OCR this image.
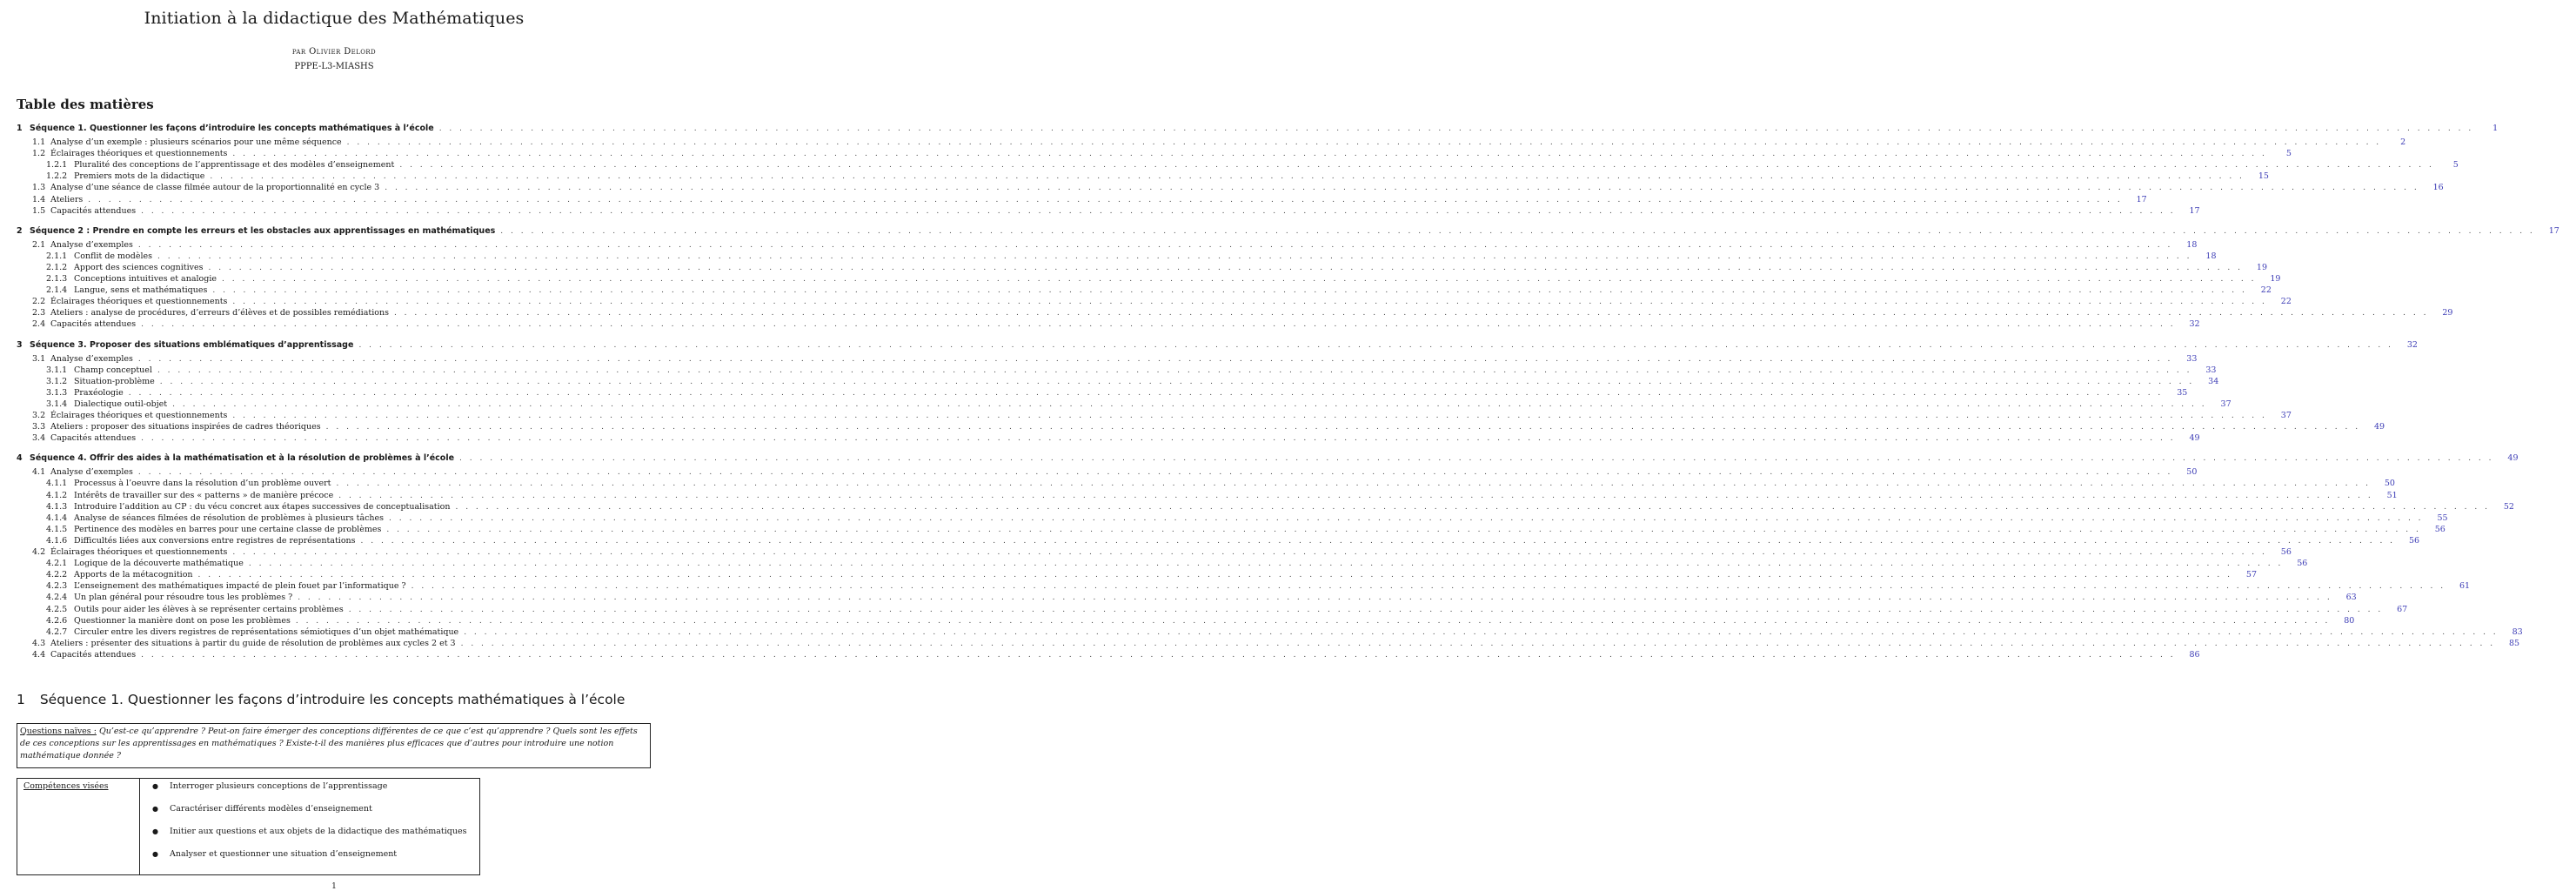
Initiation à la didactique des Mathématiques
par Olivier Delord
PPPE-L3-MIASHS
Table des matières
1 Séquence 1. Questionner les façons d’introduire les concepts mathématiques à l’école . . . . . . . . . . . . . . . . . . . . . . . . . . . . . . . . . . . . . . . . . . . . . . . . . . . . . . . . . . . . . . . . . . . . . . . . . . . . . . . . . . . . . . . . . . . . . . . . . . . . . . . . . . . . . . . . . . . . . . . . . . . . . . . . . . . . . . . . . . . . . . . . . . . . . . . . . . . . . . . . . . . . . . . . . . . . . . . . . . . . . . . . . . . . . . . . . . . . . . . .	1
1.1 Analyse d’un exemple : plusieurs scénarios pour une même séquence . . . . . . . . . . . . . . . . . . . . . . . . . . . . . . . . . . . . . . . . . . . . . . . . . . . . . . . . . . . . . . . . . . . . . . . . . . . . . . . . . . . . . . . . . . . . . . . . . . . . . . . . . . . . . . . . . . . . . . . . . . . . . . . . . . . . . . . . . . . . . . . . . . . . . . . . . . . . . . . . . . . . . . . . . . . . . . . . . . . . . . . . . . . . . . . . . . . . . . . .	2
1.2 Éclairages théoriques et questionnements . . . . . . . . . . . . . . . . . . . . . . . . . . . . . . . . . . . . . . . . . . . . . . . . . . . . . . . . . . . . . . . . . . . . . . . . . . . . . . . . . . . . . . . . . . . . . . . . . . . . . . . . . . . . . . . . . . . . . . . . . . . . . . . . . . . . . . . . . . . . . . . . . . . . . . . . . . . . . . . . . . . . . . . . . . . . . . . . . . . . . . . . . . . . . . . . . . . . . . . .	5
1.2.1 Pluralité des conceptions de l’apprentissage et des modèles d’enseignement . . . . . . . . . . . . . . . . . . . . . . . . . . . . . . . . . . . . . . . . . . . . . . . . . . . . . . . . . . . . . . . . . . . . . . . . . . . . . . . . . . . . . . . . . . . . . . . . . . . . . . . . . . . . . . . . . . . . . . . . . . . . . . . . . . . . . . . . . . . . . . . . . . . . . . . . . . . . . . . . . . . . . . . . . . . . . . . . . . . . . . . . . . . . . . . . . . . . . . . .	5
1.2.2 Premiers mots de la didactique . . . . . . . . . . . . . . . . . . . . . . . . . . . . . . . . . . . . . . . . . . . . . . . . . . . . . . . . . . . . . . . . . . . . . . . . . . . . . . . . . . . . . . . . . . . . . . . . . . . . . . . . . . . . . . . . . . . . . . . . . . . . . . . . . . . . . . . . . . . . . . . . . . . . . . . . . . . . . . . . . . . . . . . . . . . . . . . . . . . . . . . . . . . . . . . . . . . . . . . .	15
1.3 Analyse d’une séance de classe filmée autour de la proportionnalité en cycle 3 . . . . . . . . . . . . . . . . . . . . . . . . . . . . . . . . . . . . . . . . . . . . . . . . . . . . . . . . . . . . . . . . . . . . . . . . . . . . . . . . . . . . . . . . . . . . . . . . . . . . . . . . . . . . . . . . . . . . . . . . . . . . . . . . . . . . . . . . . . . . . . . . . . . . . . . . . . . . . . . . . . . . . . . . . . . . . . . . . . . . . . . . . . . . . . . . . . . . . . . .	16
1.4 Ateliers . . . . . . . . . . . . . . . . . . . . . . . . . . . . . . . . . . . . . . . . . . . . . . . . . . . . . . . . . . . . . . . . . . . . . . . . . . . . . . . . . . . . . . . . . . . . . . . . . . . . . . . . . . . . . . . . . . . . . . . . . . . . . . . . . . . . . . . . . . . . . . . . . . . . . . . . . . . . . . . . . . . . . . . . . . . . . . . . . . . . . . . . . . . . . . . . . . . . . . . .	17
1.5 Capacités attendues . . . . . . . . . . . . . . . . . . . . . . . . . . . . . . . . . . . . . . . . . . . . . . . . . . . . . . . . . . . . . . . . . . . . . . . . . . . . . . . . . . . . . . . . . . . . . . . . . . . . . . . . . . . . . . . . . . . . . . . . . . . . . . . . . . . . . . . . . . . . . . . . . . . . . . . . . . . . . . . . . . . . . . . . . . . . . . . . . . . . . . . . . . . . . . . . . . . . . . . .	17
2 Séquence 2 : Prendre en compte les erreurs et les obstacles aux apprentissages en mathématiques . . . . . . . . . . . . . . . . . . . . . . . . . . . . . . . . . . . . . . . . . . . . . . . . . . . . . . . . . . . . . . . . . . . . . . . . . . . . . . . . . . . . . . . . . . . . . . . . . . . . . . . . . . . . . . . . . . . . . . . . . . . . . . . . . . . . . . . . . . . . . . . . . . . . . . . . . . . . . . . . . . . . . . . . . . . . . . . . . . . . . . . . . . . . . . . . . . . . . . . .	17
2.1 Analyse d’exemples . . . . . . . . . . . . . . . . . . . . . . . . . . . . . . . . . . . . . . . . . . . . . . . . . . . . . . . . . . . . . . . . . . . . . . . . . . . . . . . . . . . . . . . . . . . . . . . . . . . . . . . . . . . . . . . . . . . . . . . . . . . . . . . . . . . . . . . . . . . . . . . . . . . . . . . . . . . . . . . . . . . . . . . . . . . . . . . . . . . . . . . . . . . . . . . . . . . . . . . .	18
2.1.1 Conflit de modèles . . . . . . . . . . . . . . . . . . . . . . . . . . . . . . . . . . . . . . . . . . . . . . . . . . . . . . . . . . . . . . . . . . . . . . . . . . . . . . . . . . . . . . . . . . . . . . . . . . . . . . . . . . . . . . . . . . . . . . . . . . . . . . . . . . . . . . . . . . . . . . . . . . . . . . . . . . . . . . . . . . . . . . . . . . . . . . . . . . . . . . . . . . . . . . . . . . . . . . . .	18
2.1.2 Apport des sciences cognitives . . . . . . . . . . . . . . . . . . . . . . . . . . . . . . . . . . . . . . . . . . . . . . . . . . . . . . . . . . . . . . . . . . . . . . . . . . . . . . . . . . . . . . . . . . . . . . . . . . . . . . . . . . . . . . . . . . . . . . . . . . . . . . . . . . . . . . . . . . . . . . . . . . . . . . . . . . . . . . . . . . . . . . . . . . . . . . . . . . . . . . . . . . . . . . . . . . . . . . . .	19
2.1.3 Conceptions intuitives et analogie . . . . . . . . . . . . . . . . . . . . . . . . . . . . . . . . . . . . . . . . . . . . . . . . . . . . . . . . . . . . . . . . . . . . . . . . . . . . . . . . . . . . . . . . . . . . . . . . . . . . . . . . . . . . . . . . . . . . . . . . . . . . . . . . . . . . . . . . . . . . . . . . . . . . . . . . . . . . . . . . . . . . . . . . . . . . . . . . . . . . . . . . . . . . . . . . . . . . . . . .	19
2.1.4 Langue, sens et mathématiques . . . . . . . . . . . . . . . . . . . . . . . . . . . . . . . . . . . . . . . . . . . . . . . . . . . . . . . . . . . . . . . . . . . . . . . . . . . . . . . . . . . . . . . . . . . . . . . . . . . . . . . . . . . . . . . . . . . . . . . . . . . . . . . . . . . . . . . . . . . . . . . . . . . . . . . . . . . . . . . . . . . . . . . . . . . . . . . . . . . . . . . . . . . . . . . . . . . . . . . .	22
2.2 Éclairages théoriques et questionnements . . . . . . . . . . . . . . . . . . . . . . . . . . . . . . . . . . . . . . . . . . . . . . . . . . . . . . . . . . . . . . . . . . . . . . . . . . . . . . . . . . . . . . . . . . . . . . . . . . . . . . . . . . . . . . . . . . . . . . . . . . . . . . . . . . . . . . . . . . . . . . . . . . . . . . . . . . . . . . . . . . . . . . . . . . . . . . . . . . . . . . . . . . . . . . . . . . . . . . . .	22
2.3 Ateliers : analyse de procédures, d’erreurs d’élèves et de possibles remédiations . . . . . . . . . . . . . . . . . . . . . . . . . . . . . . . . . . . . . . . . . . . . . . . . . . . . . . . . . . . . . . . . . . . . . . . . . . . . . . . . . . . . . . . . . . . . . . . . . . . . . . . . . . . . . . . . . . . . . . . . . . . . . . . . . . . . . . . . . . . . . . . . . . . . . . . . . . . . . . . . . . . . . . . . . . . . . . . . . . . . . . . . . . . . . . . . . . . . . . . .	29
2.4 Capacités attendues . . . . . . . . . . . . . . . . . . . . . . . . . . . . . . . . . . . . . . . . . . . . . . . . . . . . . . . . . . . . . . . . . . . . . . . . . . . . . . . . . . . . . . . . . . . . . . . . . . . . . . . . . . . . . . . . . . . . . . . . . . . . . . . . . . . . . . . . . . . . . . . . . . . . . . . . . . . . . . . . . . . . . . . . . . . . . . . . . . . . . . . . . . . . . . . . . . . . . . . .	32
3 Séquence 3. Proposer des situations emblématiques d’apprentissage . . . . . . . . . . . . . . . . . . . . . . . . . . . . . . . . . . . . . . . . . . . . . . . . . . . . . . . . . . . . . . . . . . . . . . . . . . . . . . . . . . . . . . . . . . . . . . . . . . . . . . . . . . . . . . . . . . . . . . . . . . . . . . . . . . . . . . . . . . . . . . . . . . . . . . . . . . . . . . . . . . . . . . . . . . . . . . . . . . . . . . . . . . . . . . . . . . . . . . . .	32
3.1 Analyse d’exemples . . . . . . . . . . . . . . . . . . . . . . . . . . . . . . . . . . . . . . . . . . . . . . . . . . . . . . . . . . . . . . . . . . . . . . . . . . . . . . . . . . . . . . . . . . . . . . . . . . . . . . . . . . . . . . . . . . . . . . . . . . . . . . . . . . . . . . . . . . . . . . . . . . . . . . . . . . . . . . . . . . . . . . . . . . . . . . . . . . . . . . . . . . . . . . . . . . . . . . . .	33
3.1.1 Champ conceptuel . . . . . . . . . . . . . . . . . . . . . . . . . . . . . . . . . . . . . . . . . . . . . . . . . . . . . . . . . . . . . . . . . . . . . . . . . . . . . . . . . . . . . . . . . . . . . . . . . . . . . . . . . . . . . . . . . . . . . . . . . . . . . . . . . . . . . . . . . . . . . . . . . . . . . . . . . . . . . . . . . . . . . . . . . . . . . . . . . . . . . . . . . . . . . . . . . . . . . . . .	33
3.1.2 Situation-problème . . . . . . . . . . . . . . . . . . . . . . . . . . . . . . . . . . . . . . . . . . . . . . . . . . . . . . . . . . . . . . . . . . . . . . . . . . . . . . . . . . . . . . . . . . . . . . . . . . . . . . . . . . . . . . . . . . . . . . . . . . . . . . . . . . . . . . . . . . . . . . . . . . . . . . . . . . . . . . . . . . . . . . . . . . . . . . . . . . . . . . . . . . . . . . . . . . . . . . . .	34
3.1.3 Praxéologie . . . . . . . . . . . . . . . . . . . . . . . . . . . . . . . . . . . . . . . . . . . . . . . . . . . . . . . . . . . . . . . . . . . . . . . . . . . . . . . . . . . . . . . . . . . . . . . . . . . . . . . . . . . . . . . . . . . . . . . . . . . . . . . . . . . . . . . . . . . . . . . . . . . . . . . . . . . . . . . . . . . . . . . . . . . . . . . . . . . . . . . . . . . . . . . . . . . . . . . .	35
3.1.4 Dialectique outil-objet . . . . . . . . . . . . . . . . . . . . . . . . . . . . . . . . . . . . . . . . . . . . . . . . . . . . . . . . . . . . . . . . . . . . . . . . . . . . . . . . . . . . . . . . . . . . . . . . . . . . . . . . . . . . . . . . . . . . . . . . . . . . . . . . . . . . . . . . . . . . . . . . . . . . . . . . . . . . . . . . . . . . . . . . . . . . . . . . . . . . . . . . . . . . . . . . . . . . . . . .	37
3.2 Éclairages théoriques et questionnements . . . . . . . . . . . . . . . . . . . . . . . . . . . . . . . . . . . . . . . . . . . . . . . . . . . . . . . . . . . . . . . . . . . . . . . . . . . . . . . . . . . . . . . . . . . . . . . . . . . . . . . . . . . . . . . . . . . . . . . . . . . . . . . . . . . . . . . . . . . . . . . . . . . . . . . . . . . . . . . . . . . . . . . . . . . . . . . . . . . . . . . . . . . . . . . . . . . . . . . .	37
3.3 Ateliers : proposer des situations inspirées de cadres théoriques . . . . . . . . . . . . . . . . . . . . . . . . . . . . . . . . . . . . . . . . . . . . . . . . . . . . . . . . . . . . . . . . . . . . . . . . . . . . . . . . . . . . . . . . . . . . . . . . . . . . . . . . . . . . . . . . . . . . . . . . . . . . . . . . . . . . . . . . . . . . . . . . . . . . . . . . . . . . . . . . . . . . . . . . . . . . . . . . . . . . . . . . . . . . . . . . . . . . . . . .	49
3.4 Capacités attendues . . . . . . . . . . . . . . . . . . . . . . . . . . . . . . . . . . . . . . . . . . . . . . . . . . . . . . . . . . . . . . . . . . . . . . . . . . . . . . . . . . . . . . . . . . . . . . . . . . . . . . . . . . . . . . . . . . . . . . . . . . . . . . . . . . . . . . . . . . . . . . . . . . . . . . . . . . . . . . . . . . . . . . . . . . . . . . . . . . . . . . . . . . . . . . . . . . . . . . . .	49
4 Séquence 4. Offrir des aides à la mathématisation et à la résolution de problèmes à l’école . . . . . . . . . . . . . . . . . . . . . . . . . . . . . . . . . . . . . . . . . . . . . . . . . . . . . . . . . . . . . . . . . . . . . . . . . . . . . . . . . . . . . . . . . . . . . . . . . . . . . . . . . . . . . . . . . . . . . . . . . . . . . . . . . . . . . . . . . . . . . . . . . . . . . . . . . . . . . . . . . . . . . . . . . . . . . . . . . . . . . . . . . . . . . . . . . . . . . . . .	49
4.1 Analyse d’exemples . . . . . . . . . . . . . . . . . . . . . . . . . . . . . . . . . . . . . . . . . . . . . . . . . . . . . . . . . . . . . . . . . . . . . . . . . . . . . . . . . . . . . . . . . . . . . . . . . . . . . . . . . . . . . . . . . . . . . . . . . . . . . . . . . . . . . . . . . . . . . . . . . . . . . . . . . . . . . . . . . . . . . . . . . . . . . . . . . . . . . . . . . . . . . . . . . . . . . . . .	50
4.1.1 Processus à l’oeuvre dans la résolution d’un problème ouvert . . . . . . . . . . . . . . . . . . . . . . . . . . . . . . . . . . . . . . . . . . . . . . . . . . . . . . . . . . . . . . . . . . . . . . . . . . . . . . . . . . . . . . . . . . . . . . . . . . . . . . . . . . . . . . . . . . . . . . . . . . . . . . . . . . . . . . . . . . . . . . . . . . . . . . . . . . . . . . . . . . . . . . . . . . . . . . . . . . . . . . . . . . . . . . . . . . . . . . . .	50
4.1.2 Intérêts de travailler sur des « patterns » de manière précoce . . . . . . . . . . . . . . . . . . . . . . . . . . . . . . . . . . . . . . . . . . . . . . . . . . . . . . . . . . . . . . . . . . . . . . . . . . . . . . . . . . . . . . . . . . . . . . . . . . . . . . . . . . . . . . . . . . . . . . . . . . . . . . . . . . . . . . . . . . . . . . . . . . . . . . . . . . . . . . . . . . . . . . . . . . . . . . . . . . . . . . . . . . . . . . . . . . . . . . . .	51
4.1.3 Introduire l’addition au CP : du vécu concret aux étapes successives de conceptualisation . . . . . . . . . . . . . . . . . . . . . . . . . . . . . . . . . . . . . . . . . . . . . . . . . . . . . . . . . . . . . . . . . . . . . . . . . . . . . . . . . . . . . . . . . . . . . . . . . . . . . . . . . . . . . . . . . . . . . . . . . . . . . . . . . . . . . . . . . . . . . . . . . . . . . . . . . . . . . . . . . . . . . . . . . . . . . . . . . . . . . . . . . . . . . . . . . . . . . . . .	52
4.1.4 Analyse de séances filmées de résolution de problèmes à plusieurs tâches . . . . . . . . . . . . . . . . . . . . . . . . . . . . . . . . . . . . . . . . . . . . . . . . . . . . . . . . . . . . . . . . . . . . . . . . . . . . . . . . . . . . . . . . . . . . . . . . . . . . . . . . . . . . . . . . . . . . . . . . . . . . . . . . . . . . . . . . . . . . . . . . . . . . . . . . . . . . . . . . . . . . . . . . . . . . . . . . . . . . . . . . . . . . . . . . . . . . . . . .	55
4.1.5 Pertinence des modèles en barres pour une certaine classe de problèmes . . . . . . . . . . . . . . . . . . . . . . . . . . . . . . . . . . . . . . . . . . . . . . . . . . . . . . . . . . . . . . . . . . . . . . . . . . . . . . . . . . . . . . . . . . . . . . . . . . . . . . . . . . . . . . . . . . . . . . . . . . . . . . . . . . . . . . . . . . . . . . . . . . . . . . . . . . . . . . . . . . . . . . . . . . . . . . . . . . . . . . . . . . . . . . . . . . . . . . . .	56
4.1.6 Difficultés liées aux conversions entre registres de représentations . . . . . . . . . . . . . . . . . . . . . . . . . . . . . . . . . . . . . . . . . . . . . . . . . . . . . . . . . . . . . . . . . . . . . . . . . . . . . . . . . . . . . . . . . . . . . . . . . . . . . . . . . . . . . . . . . . . . . . . . . . . . . . . . . . . . . . . . . . . . . . . . . . . . . . . . . . . . . . . . . . . . . . . . . . . . . . . . . . . . . . . . . . . . . . . . . . . . . . . .	56
4.2 Éclairages théoriques et questionnements . . . . . . . . . . . . . . . . . . . . . . . . . . . . . . . . . . . . . . . . . . . . . . . . . . . . . . . . . . . . . . . . . . . . . . . . . . . . . . . . . . . . . . . . . . . . . . . . . . . . . . . . . . . . . . . . . . . . . . . . . . . . . . . . . . . . . . . . . . . . . . . . . . . . . . . . . . . . . . . . . . . . . . . . . . . . . . . . . . . . . . . . . . . . . . . . . . . . . . . .	56
4.2.1 Logique de la découverte mathématique . . . . . . . . . . . . . . . . . . . . . . . . . . . . . . . . . . . . . . . . . . . . . . . . . . . . . . . . . . . . . . . . . . . . . . . . . . . . . . . . . . . . . . . . . . . . . . . . . . . . . . . . . . . . . . . . . . . . . . . . . . . . . . . . . . . . . . . . . . . . . . . . . . . . . . . . . . . . . . . . . . . . . . . . . . . . . . . . . . . . . . . . . . . . . . . . . . . . . . . .	56
4.2.2 Apports de la métacognition . . . . . . . . . . . . . . . . . . . . . . . . . . . . . . . . . . . . . . . . . . . . . . . . . . . . . . . . . . . . . . . . . . . . . . . . . . . . . . . . . . . . . . . . . . . . . . . . . . . . . . . . . . . . . . . . . . . . . . . . . . . . . . . . . . . . . . . . . . . . . . . . . . . . . . . . . . . . . . . . . . . . . . . . . . . . . . . . . . . . . . . . . . . . . . . . . . . . . . . .	57
4.2.3 L’enseignement des mathématiques impacté de plein fouet par l’informatique ? . . . . . . . . . . . . . . . . . . . . . . . . . . . . . . . . . . . . . . . . . . . . . . . . . . . . . . . . . . . . . . . . . . . . . . . . . . . . . . . . . . . . . . . . . . . . . . . . . . . . . . . . . . . . . . . . . . . . . . . . . . . . . . . . . . . . . . . . . . . . . . . . . . . . . . . . . . . . . . . . . . . . . . . . . . . . . . . . . . . . . . . . . . . . . . . . . . . . . . . .	61
4.2.4 Un plan général pour résoudre tous les problèmes ? . . . . . . . . . . . . . . . . . . . . . . . . . . . . . . . . . . . . . . . . . . . . . . . . . . . . . . . . . . . . . . . . . . . . . . . . . . . . . . . . . . . . . . . . . . . . . . . . . . . . . . . . . . . . . . . . . . . . . . . . . . . . . . . . . . . . . . . . . . . . . . . . . . . . . . . . . . . . . . . . . . . . . . . . . . . . . . . . . . . . . . . . . . . . . . . . . . . . . . . .	63
4.2.5 Outils pour aider les élèves à se représenter certains problèmes . . . . . . . . . . . . . . . . . . . . . . . . . . . . . . . . . . . . . . . . . . . . . . . . . . . . . . . . . . . . . . . . . . . . . . . . . . . . . . . . . . . . . . . . . . . . . . . . . . . . . . . . . . . . . . . . . . . . . . . . . . . . . . . . . . . . . . . . . . . . . . . . . . . . . . . . . . . . . . . . . . . . . . . . . . . . . . . . . . . . . . . . . . . . . . . . . . . . . . . .	67
4.2.6 Questionner la manière dont on pose les problèmes . . . . . . . . . . . . . . . . . . . . . . . . . . . . . . . . . . . . . . . . . . . . . . . . . . . . . . . . . . . . . . . . . . . . . . . . . . . . . . . . . . . . . . . . . . . . . . . . . . . . . . . . . . . . . . . . . . . . . . . . . . . . . . . . . . . . . . . . . . . . . . . . . . . . . . . . . . . . . . . . . . . . . . . . . . . . . . . . . . . . . . . . . . . . . . . . . . . . . . . .	80
4.2.7 Circuler entre les divers registres de représentations sémiotiques d’un objet mathématique . . . . . . . . . . . . . . . . . . . . . . . . . . . . . . . . . . . . . . . . . . . . . . . . . . . . . . . . . . . . . . . . . . . . . . . . . . . . . . . . . . . . . . . . . . . . . . . . . . . . . . . . . . . . . . . . . . . . . . . . . . . . . . . . . . . . . . . . . . . . . . . . . . . . . . . . . . . . . . . . . . . . . . . . . . . . . . . . . . . . . . . . . . . . . . . . . . . . . . . .	83
4.3 Ateliers : présenter des situations à partir du guide de résolution de problèmes aux cycles 2 et 3 . . . . . . . . . . . . . . . . . . . . . . . . . . . . . . . . . . . . . . . . . . . . . . . . . . . . . . . . . . . . . . . . . . . . . . . . . . . . . . . . . . . . . . . . . . . . . . . . . . . . . . . . . . . . . . . . . . . . . . . . . . . . . . . . . . . . . . . . . . . . . . . . . . . . . . . . . . . . . . . . . . . . . . . . . . . . . . . . . . . . . . . . . . . . . . . . . . . . . . . .	85
4.4 Capacités attendues . . . . . . . . . . . . . . . . . . . . . . . . . . . . . . . . . . . . . . . . . . . . . . . . . . . . . . . . . . . . . . . . . . . . . . . . . . . . . . . . . . . . . . . . . . . . . . . . . . . . . . . . . . . . . . . . . . . . . . . . . . . . . . . . . . . . . . . . . . . . . . . . . . . . . . . . . . . . . . . . . . . . . . . . . . . . . . . . . . . . . . . . . . . . . . . . . . . . . . . .	86
1 Séquence 1. Questionner les façons d’introduire les concepts mathématiques à l’école
Questions naïves : Qu’est-ce qu’apprendre ? Peut-on faire émerger des conceptions différentes de ce que c’est qu’apprendre ? Quels sont les effets de ces conceptions sur les apprentissages en mathématiques ? Existe-t-il des manières plus efficaces que d’autres pour introduire une notion mathématique donnée ?
Compétences visées	● Interroger plusieurs conceptions de l’apprentissage
● Caractériser différents modèles d’enseignement
● Initier aux questions et aux objets de la didactique des mathématiques
● Analyser et questionner une situation d’enseignement
1
